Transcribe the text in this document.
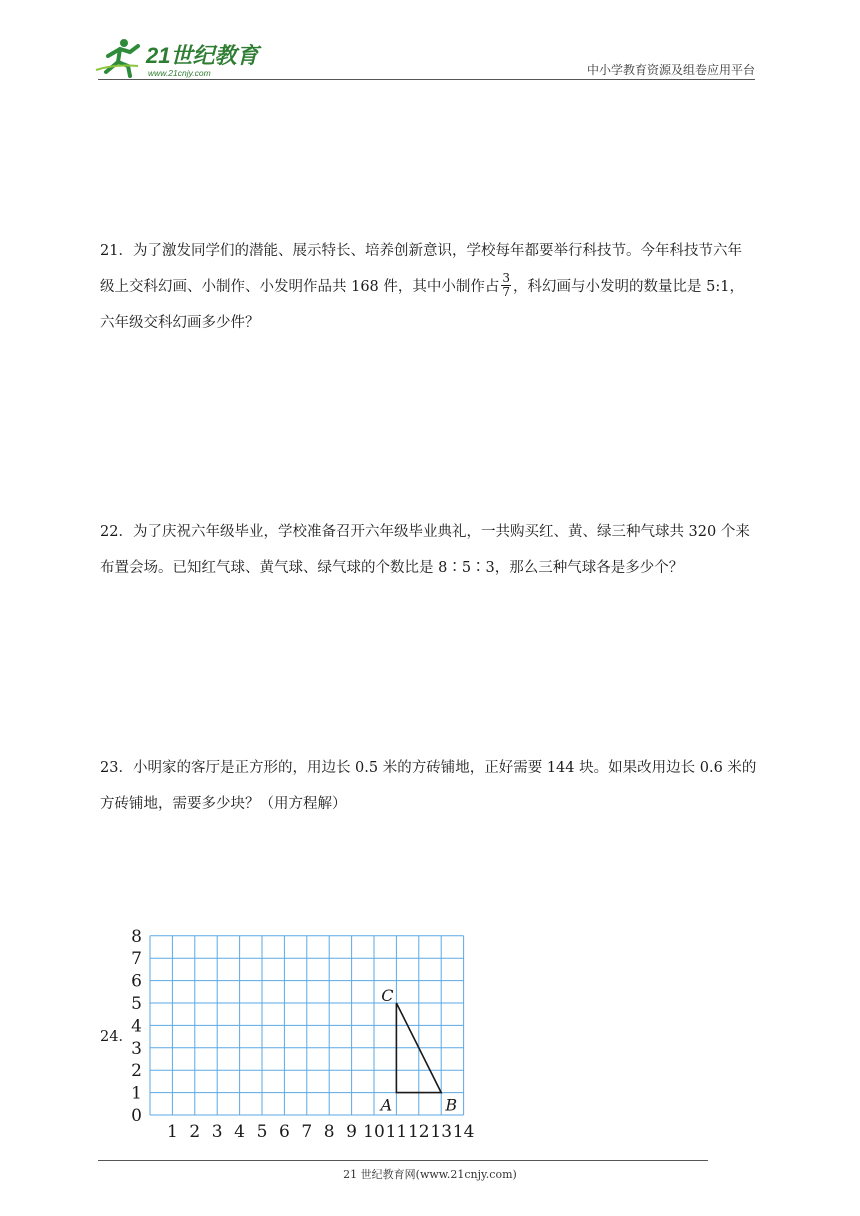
21世纪教育
www.21cnjy.com	中小学教育资源及组卷应用平台

21．为了激发同学们的潜能、展示特长、培养创新意识，学校每年都要举行科技节。今年科技节六年

级上交科幻画、小制作、小发明作品共 168 件，其中小制作占 $\frac{3}{7}$ ，科幻画与小发明的数量比是 5:1，

六年级交科幻画多少件？

22．为了庆祝六年级毕业，学校准备召开六年级毕业典礼，一共购买红、黄、绿三种气球共 320 个来

布置会场。已知红气球、黄气球、绿气球的个数比是 8∶5∶3，那么三种气球各是多少个？

23．小明家的客厅是正方形的，用边长 0.5 米的方砖铺地，正好需要 144 块。如果改用边长 0.6 米的

方砖铺地，需要多少块？（用方程解）

24．
1 2 3 4 5 6 7 8 9 10 11 12 13 14
0
1
2
3
4
5
6
7
8
A	B
C
21 世纪教育网(www.21cnjy.com)
